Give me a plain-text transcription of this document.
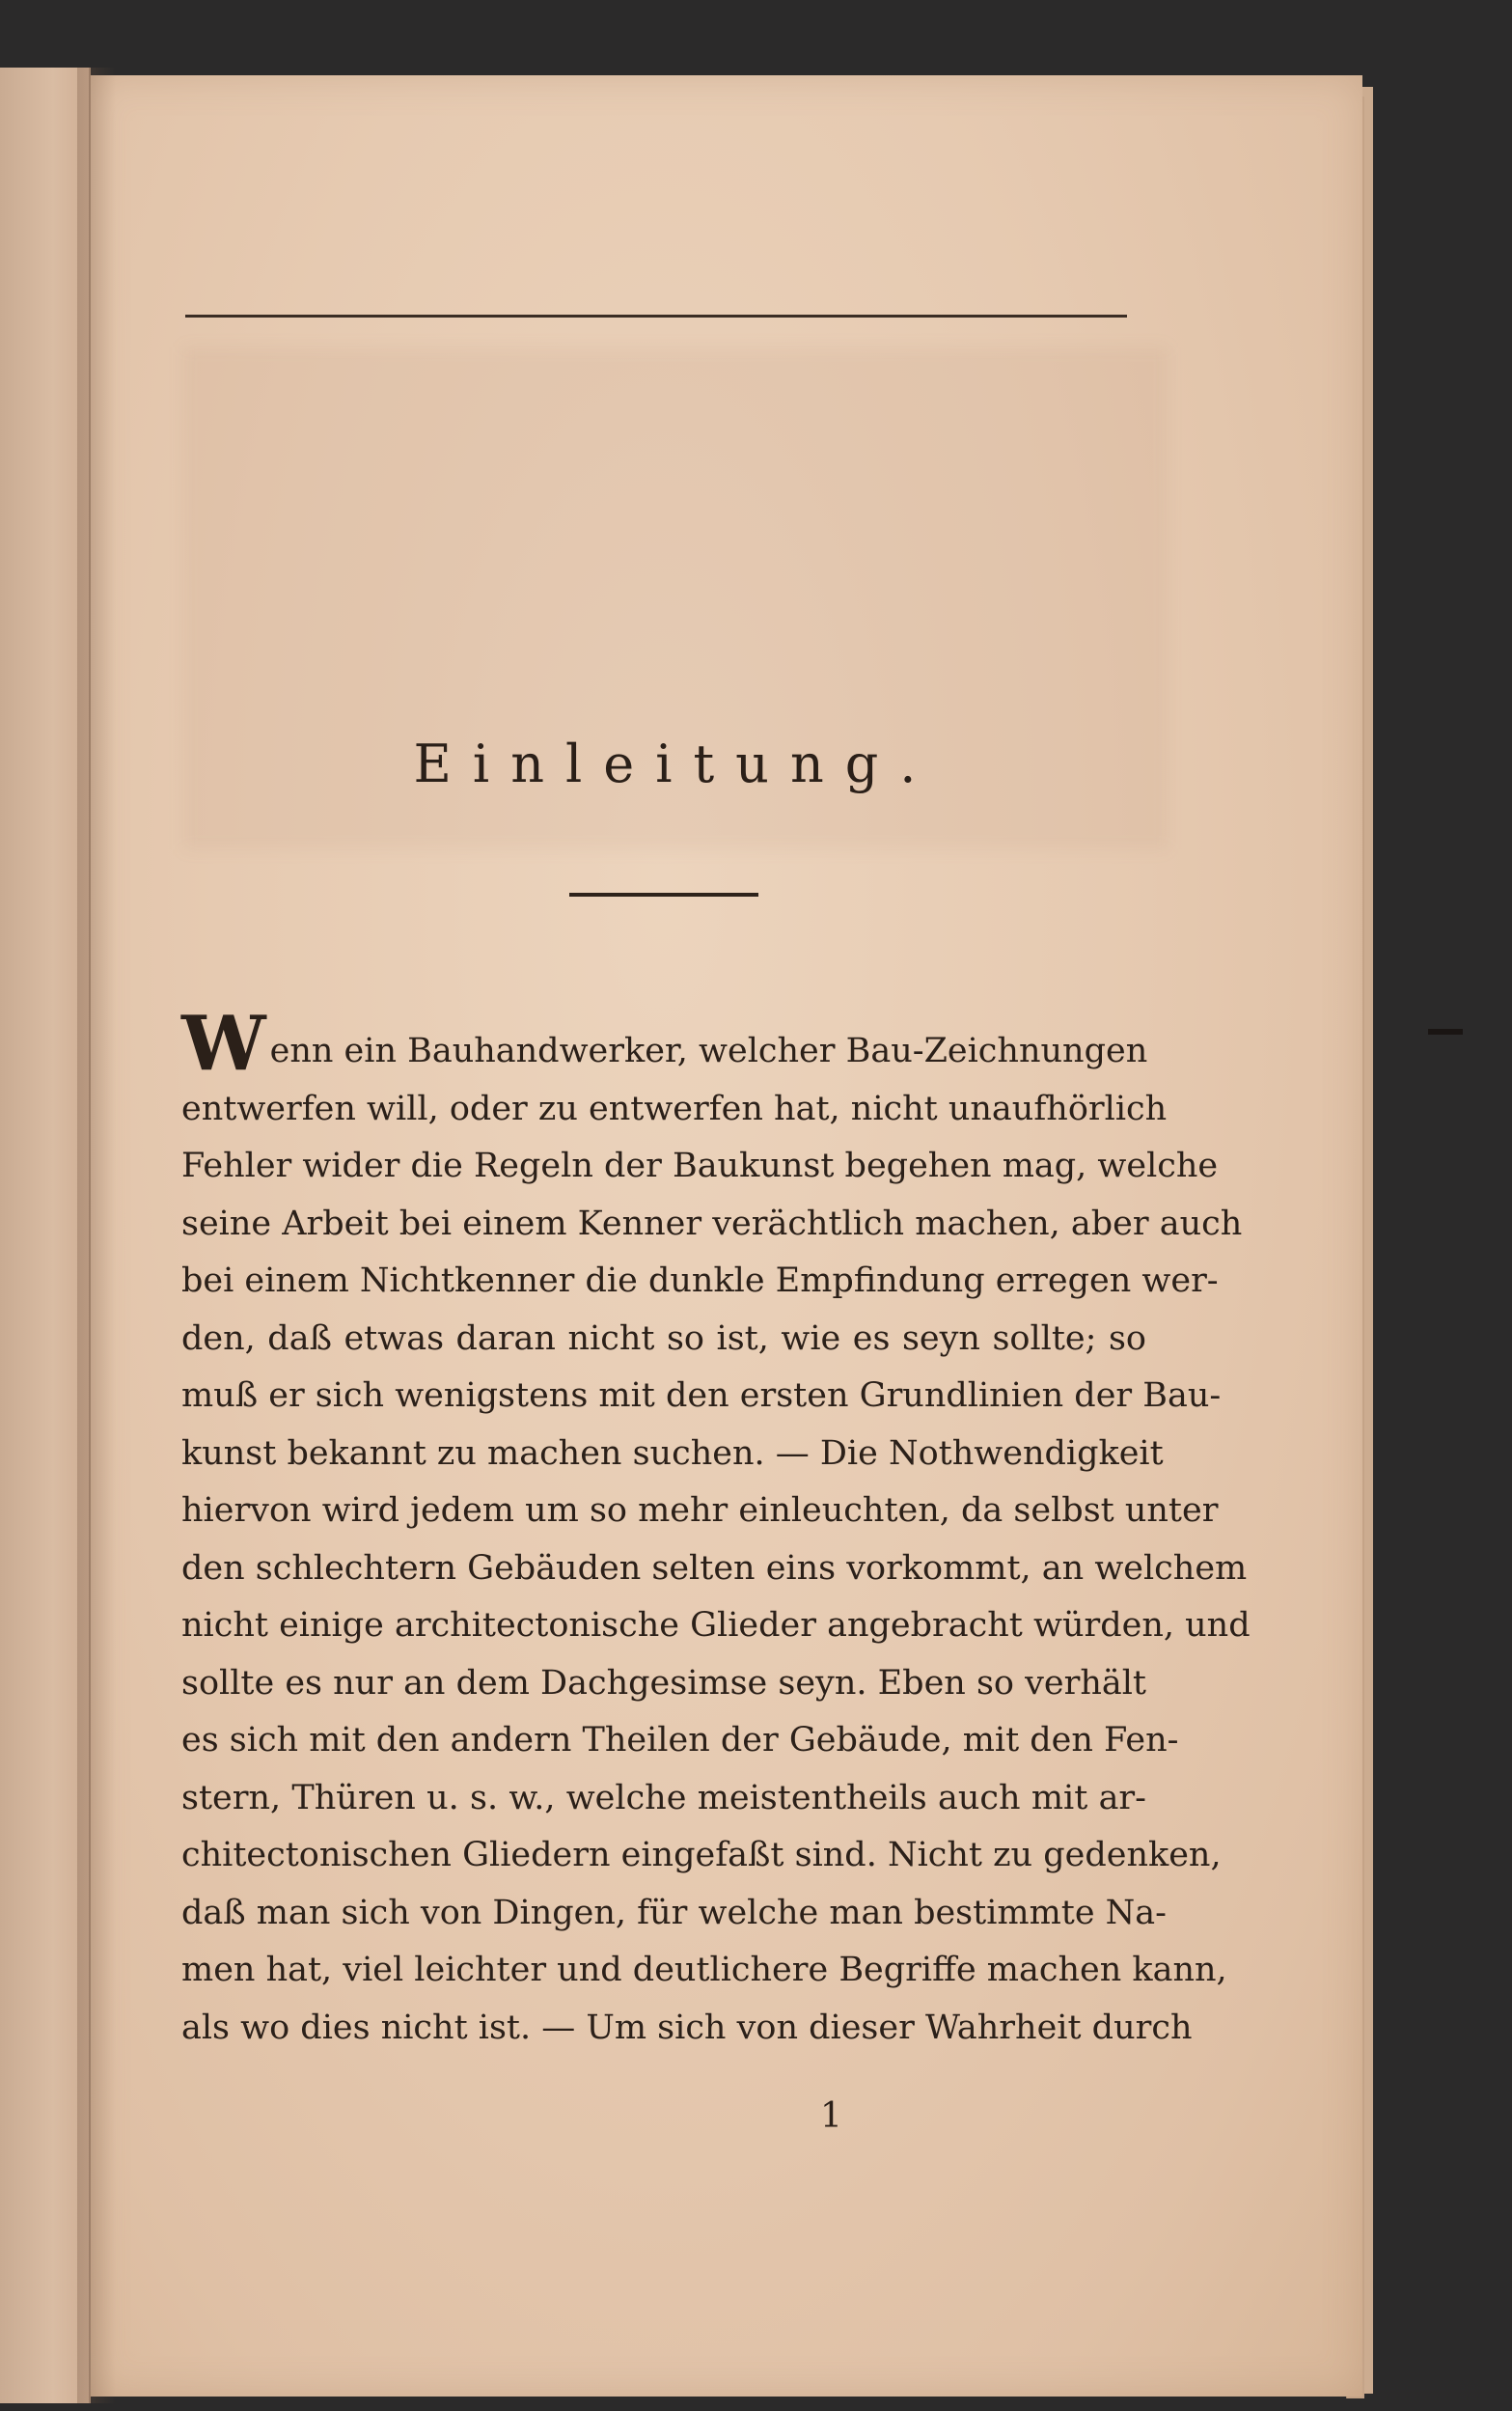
Einleitung.
Wenn ein Bauhandwerker, welcher Bau-Zeichnungen
entwerfen will, oder zu entwerfen hat, nicht unaufhörlich
Fehler wider die Regeln der Baukunst begehen mag, welche
seine Arbeit bei einem Kenner verächtlich machen, aber auch
bei einem Nichtkenner die dunkle Empfindung erregen wer-
den, daß etwas daran nicht so ist, wie es seyn sollte; so
muß er sich wenigstens mit den ersten Grundlinien der Bau-
kunst bekannt zu machen suchen. — Die Nothwendigkeit
hiervon wird jedem um so mehr einleuchten, da selbst unter
den schlechtern Gebäuden selten eins vorkommt, an welchem
nicht einige architectonische Glieder angebracht würden, und
sollte es nur an dem Dachgesimse seyn. Eben so verhält
es sich mit den andern Theilen der Gebäude, mit den Fen-
stern, Thüren u. s. w., welche meistentheils auch mit ar-
chitectonischen Gliedern eingefaßt sind. Nicht zu gedenken,
daß man sich von Dingen, für welche man bestimmte Na-
men hat, viel leichter und deutlichere Begriffe machen kann,
als wo dies nicht ist. — Um sich von dieser Wahrheit durch
1
